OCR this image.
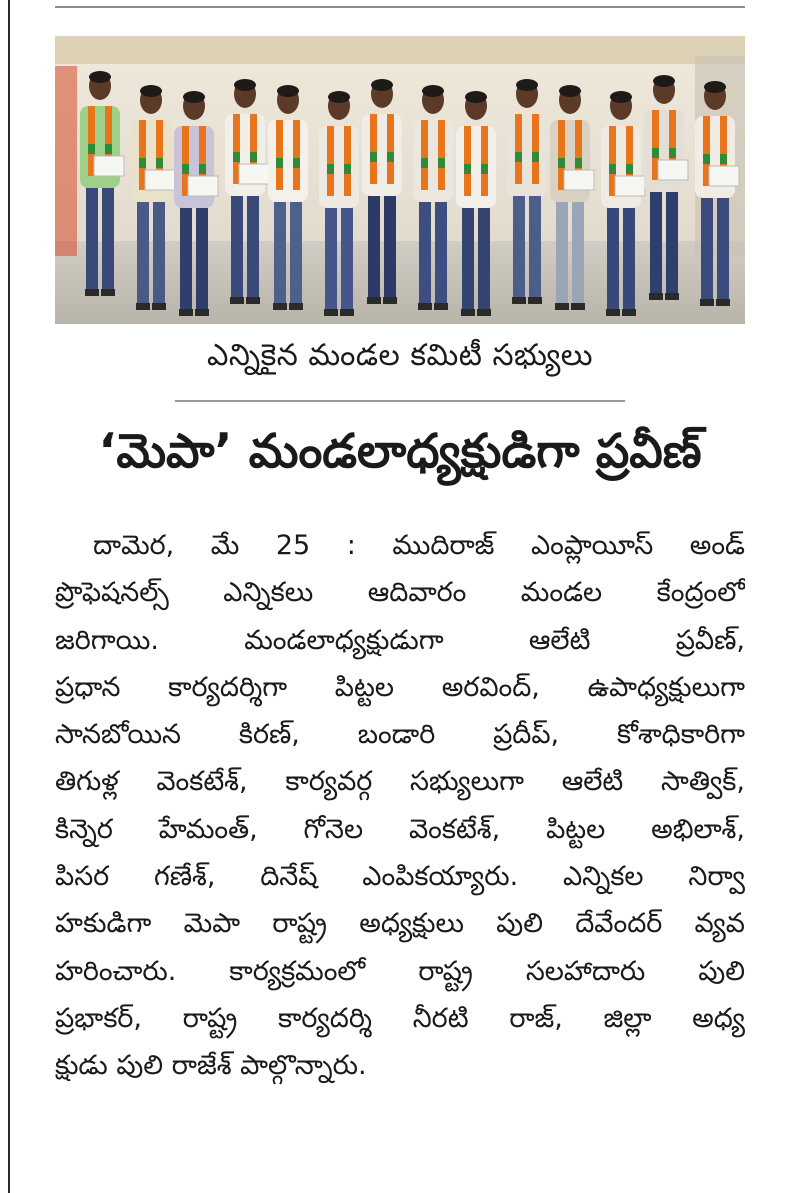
ఎన్నికైన మండల కమిటీ సభ్యులు
‘మెపా’ మండలాధ్యక్షుడిగా ప్రవీణ్
దామెర, మే 25 : ముదిరాజ్ ఎంప్లాయీస్ అండ్
ప్రొఫెషనల్స్ ఎన్నికలు ఆదివారం మండల కేంద్రంలో
జరిగాయి. మండలాధ్యక్షుడుగా ఆలేటి ప్రవీణ్,
ప్రధాన కార్యదర్శిగా పిట్టల అరవింద్, ఉపాధ్యక్షులుగా
సానబోయిన కిరణ్, బండారి ప్రదీప్, కోశాధికారిగా
తిగుళ్ల వెంకటేశ్, కార్యవర్గ సభ్యులుగా ఆలేటి సాత్విక్,
కిన్నెర హేమంత్, గోనెల వెంకటేశ్, పిట్టల అభిలాశ్,
పిసర గణేశ్, దినేష్ ఎంపికయ్యారు. ఎన్నికల నిర్వా
హకుడిగా మెపా రాష్ట్ర అధ్యక్షులు పులి దేవేందర్ వ్యవ
హరించారు. కార్యక్రమంలో రాష్ట్ర సలహాదారు పులి
ప్రభాకర్, రాష్ట్ర కార్యదర్శి నీరటి రాజ్, జిల్లా అధ్య
క్షుడు పులి రాజేశ్ పాల్గొన్నారు.
